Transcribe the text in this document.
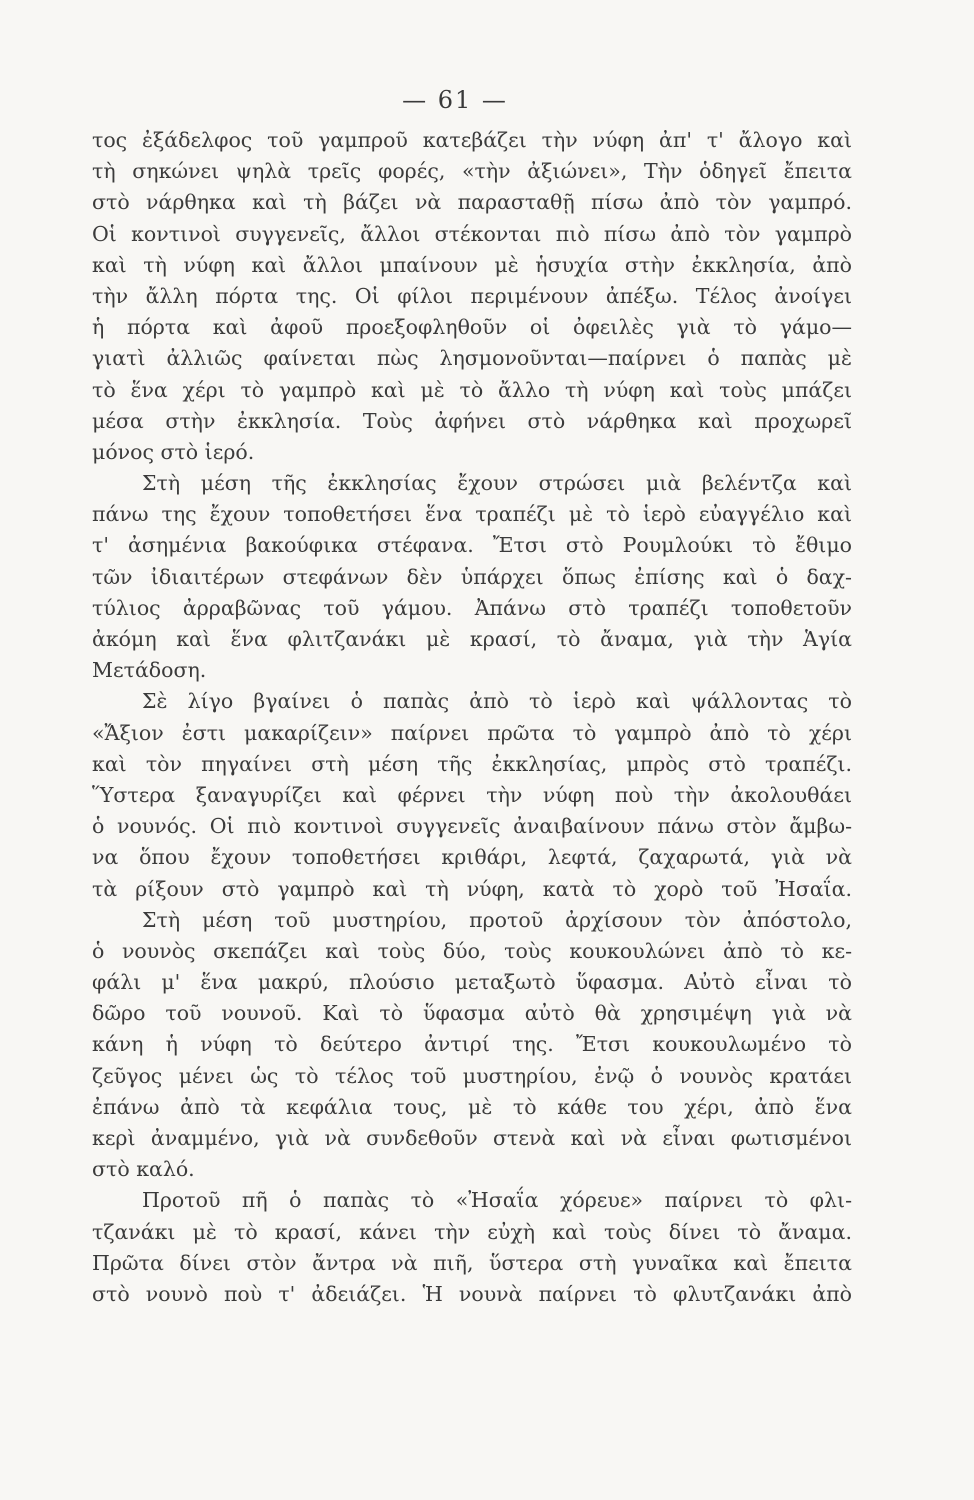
— 61 —
τος ἐξάδελφος τοῦ γαμπροῦ κατεβάζει τὴν νύφη ἀπ' τ' ἄλογο καὶ
τὴ σηκώνει ψηλὰ τρεῖς φορές, «τὴν ἀξιώνει», Τὴν ὁδηγεῖ ἔπειτα
στὸ νάρθηκα καὶ τὴ βάζει νὰ παρασταθῇ πίσω ἀπὸ τὸν γαμπρό.
Οἱ κοντινοὶ συγγενεῖς, ἄλλοι στέκονται πιὸ πίσω ἀπὸ τὸν γαμπρὸ
καὶ τὴ νύφη καὶ ἄλλοι μπαίνουν μὲ ἡσυχία στὴν ἐκκλησία, ἀπὸ
τὴν ἄλλη πόρτα της. Οἱ φίλοι περιμένουν ἀπέξω. Τέλος ἀνοίγει
ἡ πόρτα καὶ ἀφοῦ προεξοφληθοῦν οἱ ὀφειλὲς γιὰ τὸ γάμο—
γιατὶ ἀλλιῶς φαίνεται πὼς λησμονοῦνται—παίρνει ὁ παπὰς μὲ
τὸ ἕνα χέρι τὸ γαμπρὸ καὶ μὲ τὸ ἄλλο τὴ νύφη καὶ τοὺς μπάζει
μέσα στὴν ἐκκλησία. Τοὺς ἀφήνει στὸ νάρθηκα καὶ προχωρεῖ
μόνος στὸ ἱερό.
Στὴ μέση τῆς ἐκκλησίας ἔχουν στρώσει μιὰ βελέντζα καὶ
πάνω της ἔχουν τοποθετήσει ἕνα τραπέζι μὲ τὸ ἱερὸ εὐαγγέλιο καὶ
τ' ἀσημένια βακούφικα στέφανα. Ἔτσι στὸ Ρουμλούκι τὸ ἔθιμο
τῶν ἰδιαιτέρων στεφάνων δὲν ὑπάρχει ὅπως ἐπίσης καὶ ὁ δαχ-
τύλιος ἀρραβῶνας τοῦ γάμου. Ἀπάνω στὸ τραπέζι τοποθετοῦν
ἀκόμη καὶ ἕνα φλιτζανάκι μὲ κρασί, τὸ ἄναμα, γιὰ τὴν Ἁγία
Μετάδοση.
Σὲ λίγο βγαίνει ὁ παπὰς ἀπὸ τὸ ἱερὸ καὶ ψάλλοντας τὸ
«Ἄξιον ἐστι μακαρίζειν» παίρνει πρῶτα τὸ γαμπρὸ ἀπὸ τὸ χέρι
καὶ τὸν πηγαίνει στὴ μέση τῆς ἐκκλησίας, μπρὸς στὸ τραπέζι.
Ὕστερα ξαναγυρίζει καὶ φέρνει τὴν νύφη ποὺ τὴν ἀκολουθάει
ὁ νουνός. Οἱ πιὸ κοντινοὶ συγγενεῖς ἀναιβαίνουν πάνω στὸν ἄμβω-
να ὅπου ἔχουν τοποθετήσει κριθάρι, λεφτά, ζαχαρωτά, γιὰ νὰ
τὰ ρίξουν στὸ γαμπρὸ καὶ τὴ νύφη, κατὰ τὸ χορὸ τοῦ Ἠσαΐα.
Στὴ μέση τοῦ μυστηρίου, προτοῦ ἀρχίσουν τὸν ἀπόστολο,
ὁ νουνὸς σκεπάζει καὶ τοὺς δύο, τοὺς κουκουλώνει ἀπὸ τὸ κε-
φάλι μ' ἕνα μακρύ, πλούσιο μεταξωτὸ ὕφασμα. Αὐτὸ εἶναι τὸ
δῶρο τοῦ νουνοῦ. Καὶ τὸ ὕφασμα αὐτὸ θὰ χρησιμέψη γιὰ νὰ
κάνη ἡ νύφη τὸ δεύτερο ἀντιρί της. Ἔτσι κουκουλωμένο τὸ
ζεῦγος μένει ὡς τὸ τέλος τοῦ μυστηρίου, ἐνῷ ὁ νουνὸς κρατάει
ἐπάνω ἀπὸ τὰ κεφάλια τους, μὲ τὸ κάθε του χέρι, ἀπὸ ἕνα
κερὶ ἀναμμένο, γιὰ νὰ συνδεθοῦν στενὰ καὶ νὰ εἶναι φωτισμένοι
στὸ καλό.
Προτοῦ πῆ ὁ παπὰς τὸ «Ἠσαΐα χόρευε» παίρνει τὸ φλι-
τζανάκι μὲ τὸ κρασί, κάνει τὴν εὐχὴ καὶ τοὺς δίνει τὸ ἄναμα.
Πρῶτα δίνει στὸν ἄντρα νὰ πιῆ, ὕστερα στὴ γυναῖκα καὶ ἔπειτα
στὸ νουνὸ ποὺ τ' ἀδειάζει. Ἡ νουνὰ παίρνει τὸ φλυτζανάκι ἀπὸ
